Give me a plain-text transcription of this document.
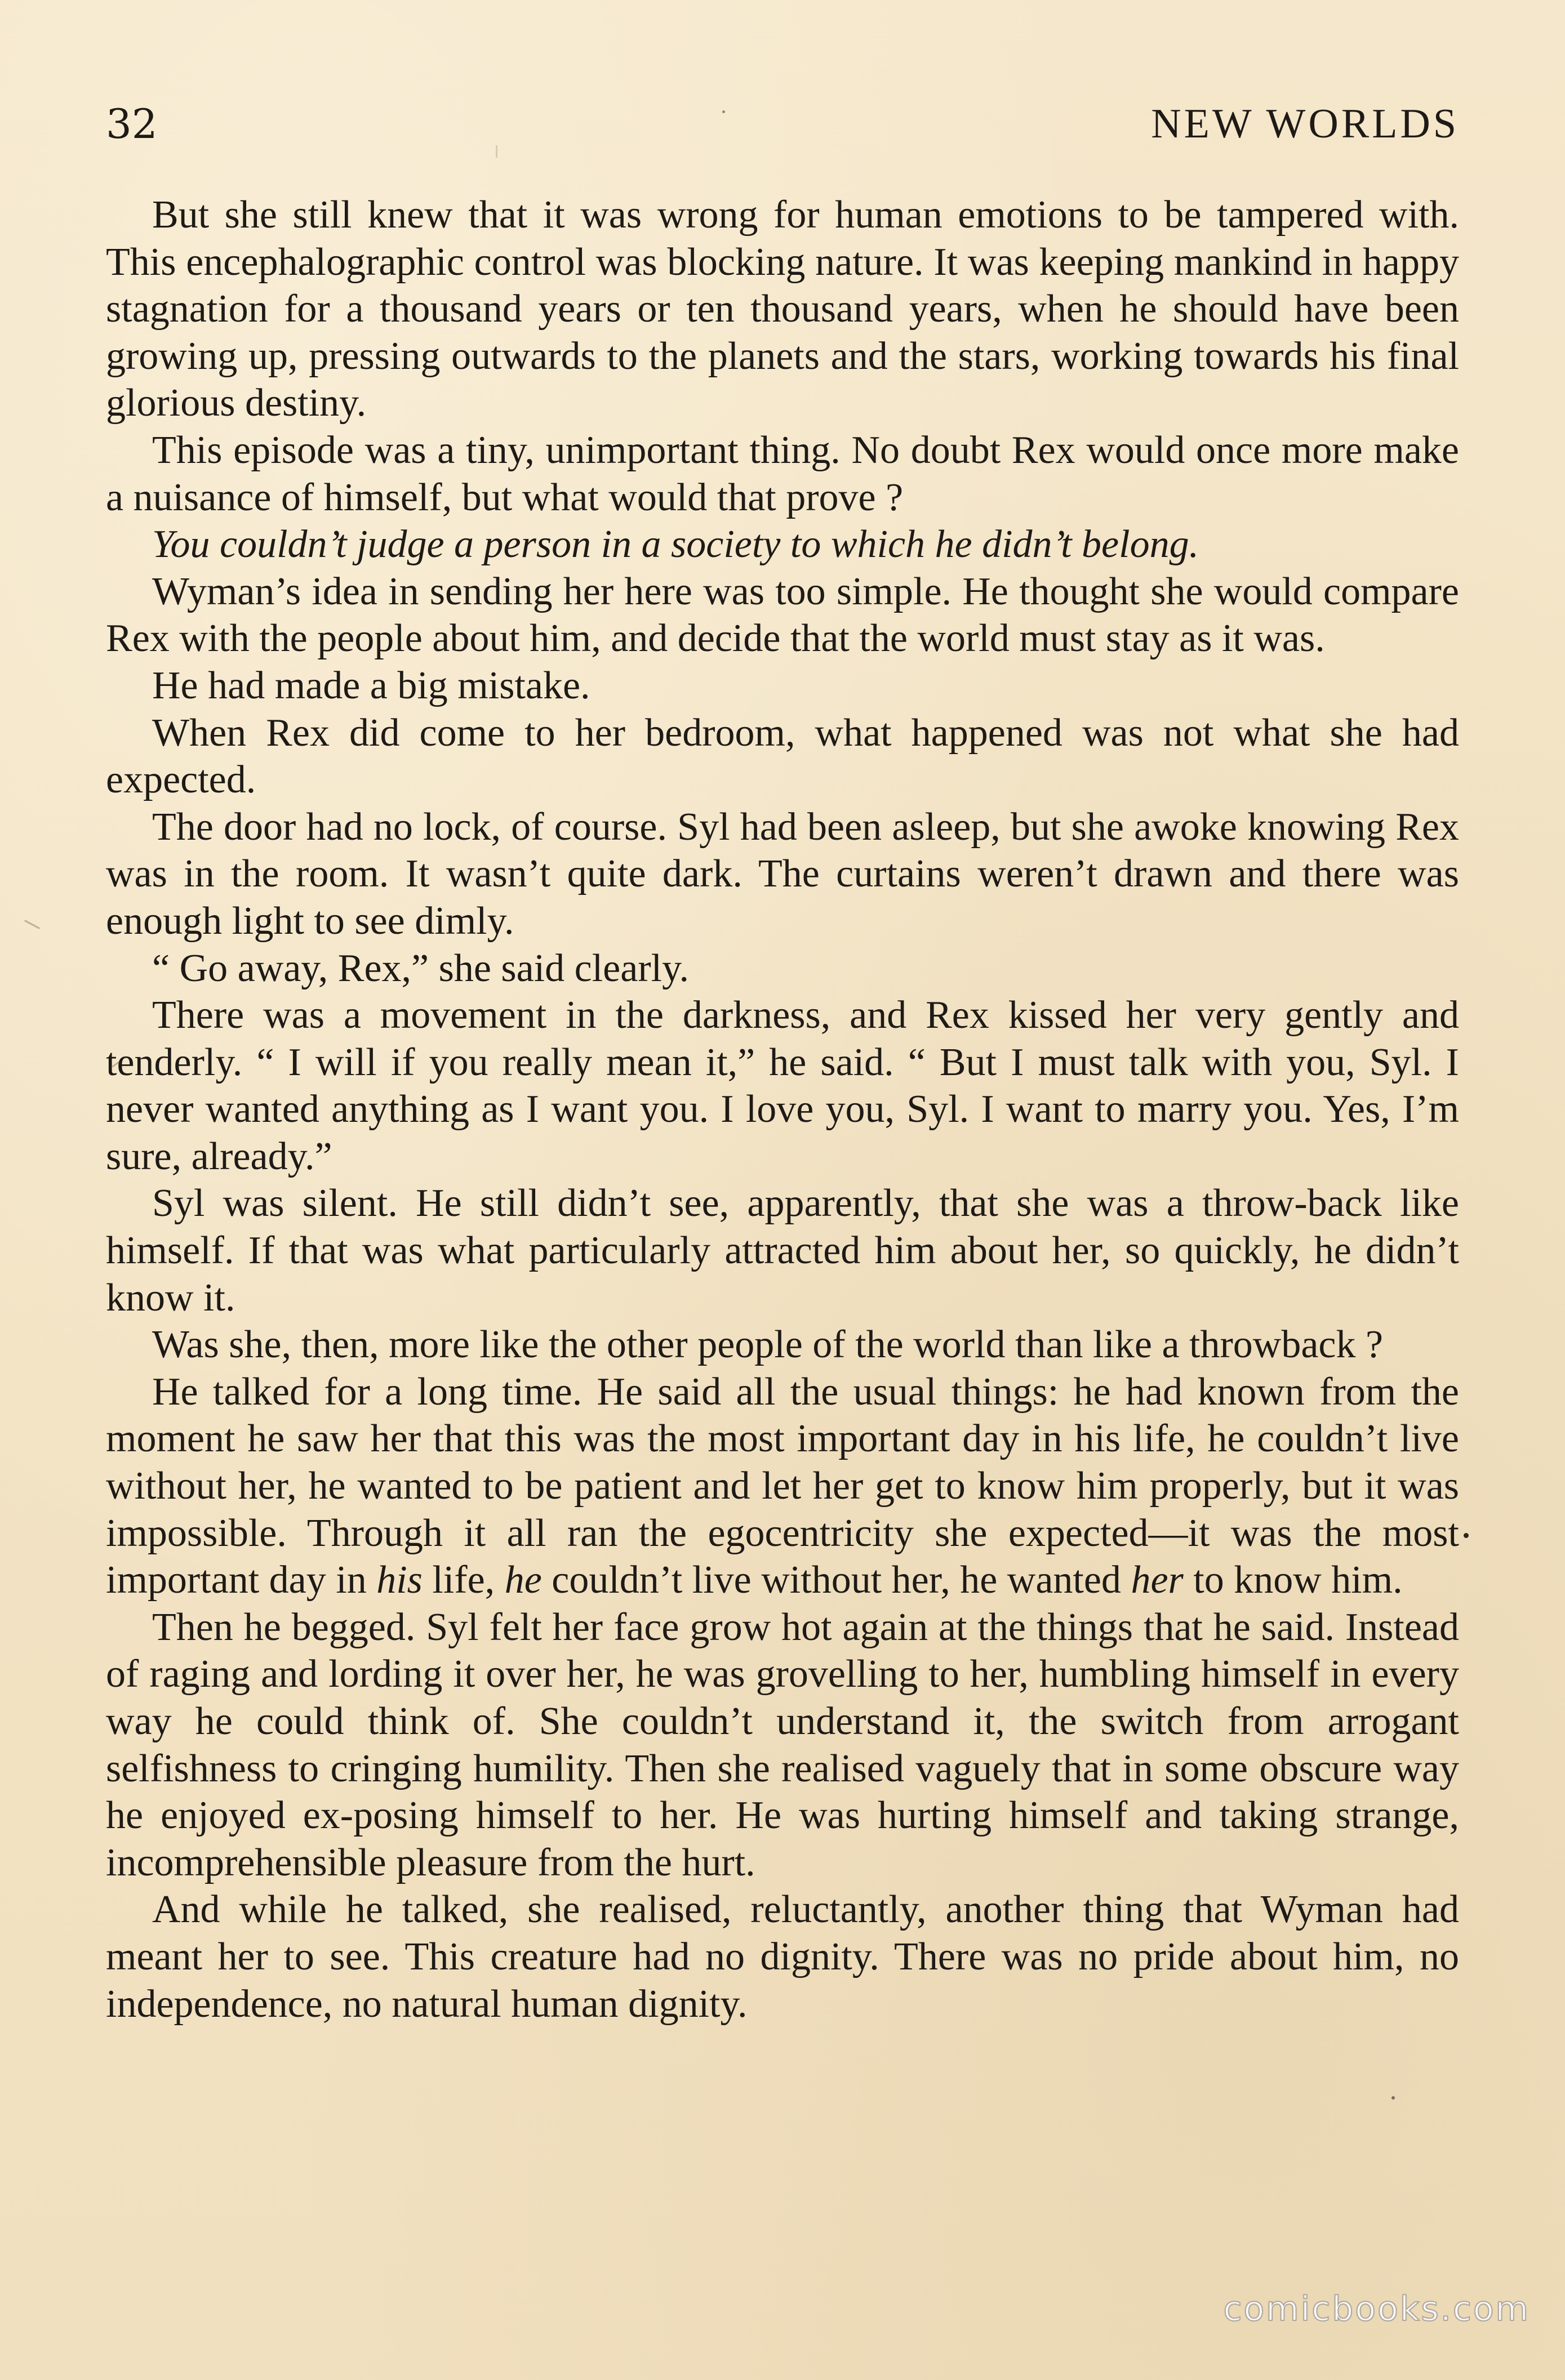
32	NEW WORLDS

But she still knew that it was wrong for human emotions to be tampered with. This encephalographic control was blocking nature. It was keeping mankind in happy stagnation for a thousand years or ten thousand years, when he should have been growing up, pressing outwards to the planets and the stars, working towards his final glorious destiny.

This episode was a tiny, unimportant thing. No doubt Rex would once more make a nuisance of himself, but what would that prove ?

You couldn’t judge a person in a society to which he didn’t belong.

Wyman’s idea in sending her here was too simple. He thought she would compare Rex with the people about him, and decide that the world must stay as it was.

He had made a big mistake.

When Rex did come to her bedroom, what happened was not what she had expected.

The door had no lock, of course. Syl had been asleep, but she awoke knowing Rex was in the room. It wasn’t quite dark. The curtains weren’t drawn and there was enough light to see dimly.

“ Go away, Rex,” she said clearly.

There was a movement in the darkness, and Rex kissed her very gently and tenderly. “ I will if you really mean it,” he said. “ But I must talk with you, Syl. I never wanted anything as I want you. I love you, Syl. I want to marry you. Yes, I’m sure, already.”

Syl was silent. He still didn’t see, apparently, that she was a throw-back like himself. If that was what particularly attracted him about her, so quickly, he didn’t know it.

Was she, then, more like the other people of the world than like a throwback ?

He talked for a long time. He said all the usual things: he had known from the moment he saw her that this was the most important day in his life, he couldn’t live without her, he wanted to be patient and let her get to know him properly, but it was impossible. Through it all ran the egocentricity she expected—it was the most important day in his life, he couldn’t live without her, he wanted her to know him.

Then he begged. Syl felt her face grow hot again at the things that he said. Instead of raging and lording it over her, he was grovelling to her, humbling himself in every way he could think of. She couldn’t understand it, the switch from arrogant selfishness to cringing humility. Then she realised vaguely that in some obscure way he enjoyed ex-posing himself to her. He was hurting himself and taking strange, incomprehensible pleasure from the hurt.

And while he talked, she realised, reluctantly, another thing that Wyman had meant her to see. This creature had no dignity. There was no pride about him, no independence, no natural human dignity.

comicbooks.com
